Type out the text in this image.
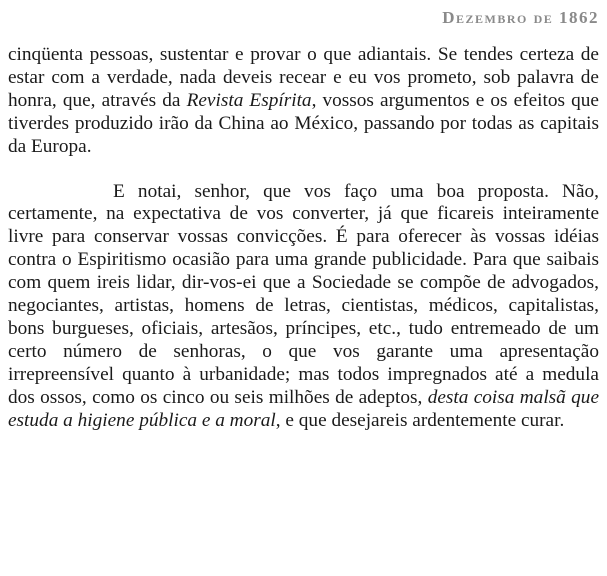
Dezembro de 1862

cinqüenta pessoas, sustentar e provar o que adiantais. Se tendes certeza de estar com a verdade, nada deveis recear e eu vos prometo, sob palavra de honra, que, através da Revista Espírita, vossos argumentos e os efeitos que tiverdes produzido irão da China ao México, passando por todas as capitais da Europa.

E notai, senhor, que vos faço uma boa proposta. Não, certamente, na expectativa de vos converter, já que ficareis inteiramente livre para conservar vossas convicções. É para oferecer às vossas idéias contra o Espiritismo ocasião para uma grande publicidade. Para que saibais com quem ireis lidar, dir-vos-ei que a Sociedade se compõe de advogados, negociantes, artistas, homens de letras, cientistas, médicos, capitalistas, bons burgueses, oficiais, artesãos, príncipes, etc., tudo entremeado de um certo número de senhoras, o que vos garante uma apresentação irrepreensível quanto à urbanidade; mas todos impregnados até a medula dos ossos, como os cinco ou seis milhões de adeptos, desta coisa malsã que estuda a higiene pública e a moral, e que desejareis ardentemente curar.
